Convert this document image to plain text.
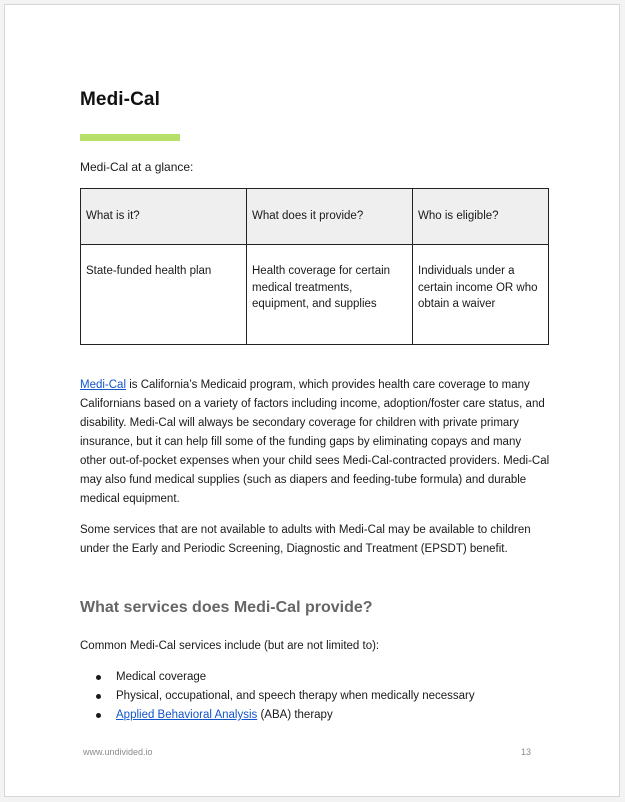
Medi-Cal
Medi-Cal at a glance:
What is it?	What does it provide?	Who is eligible?
State-funded health plan	Health coverage for certain medical treatments, equipment, and supplies	Individuals under a certain income OR who obtain a waiver

Medi-Cal is California’s Medicaid program, which provides health care coverage to many Californians based on a variety of factors including income, adoption/foster care status, and disability. Medi-Cal will always be secondary coverage for children with private primary insurance, but it can help fill some of the funding gaps by eliminating copays and many other out-of-pocket expenses when your child sees Medi-Cal-contracted providers. Medi-Cal may also fund medical supplies (such as diapers and feeding-tube formula) and durable medical equipment.

Some services that are not available to adults with Medi-Cal may be available to children under the Early and Periodic Screening, Diagnostic and Treatment (EPSDT) benefit.

What services does Medi-Cal provide?

Common Medi-Cal services include (but are not limited to):

Medical coverage
Physical, occupational, and speech therapy when medically necessary
Applied Behavioral Analysis (ABA) therapy
www.undivided.io	13
